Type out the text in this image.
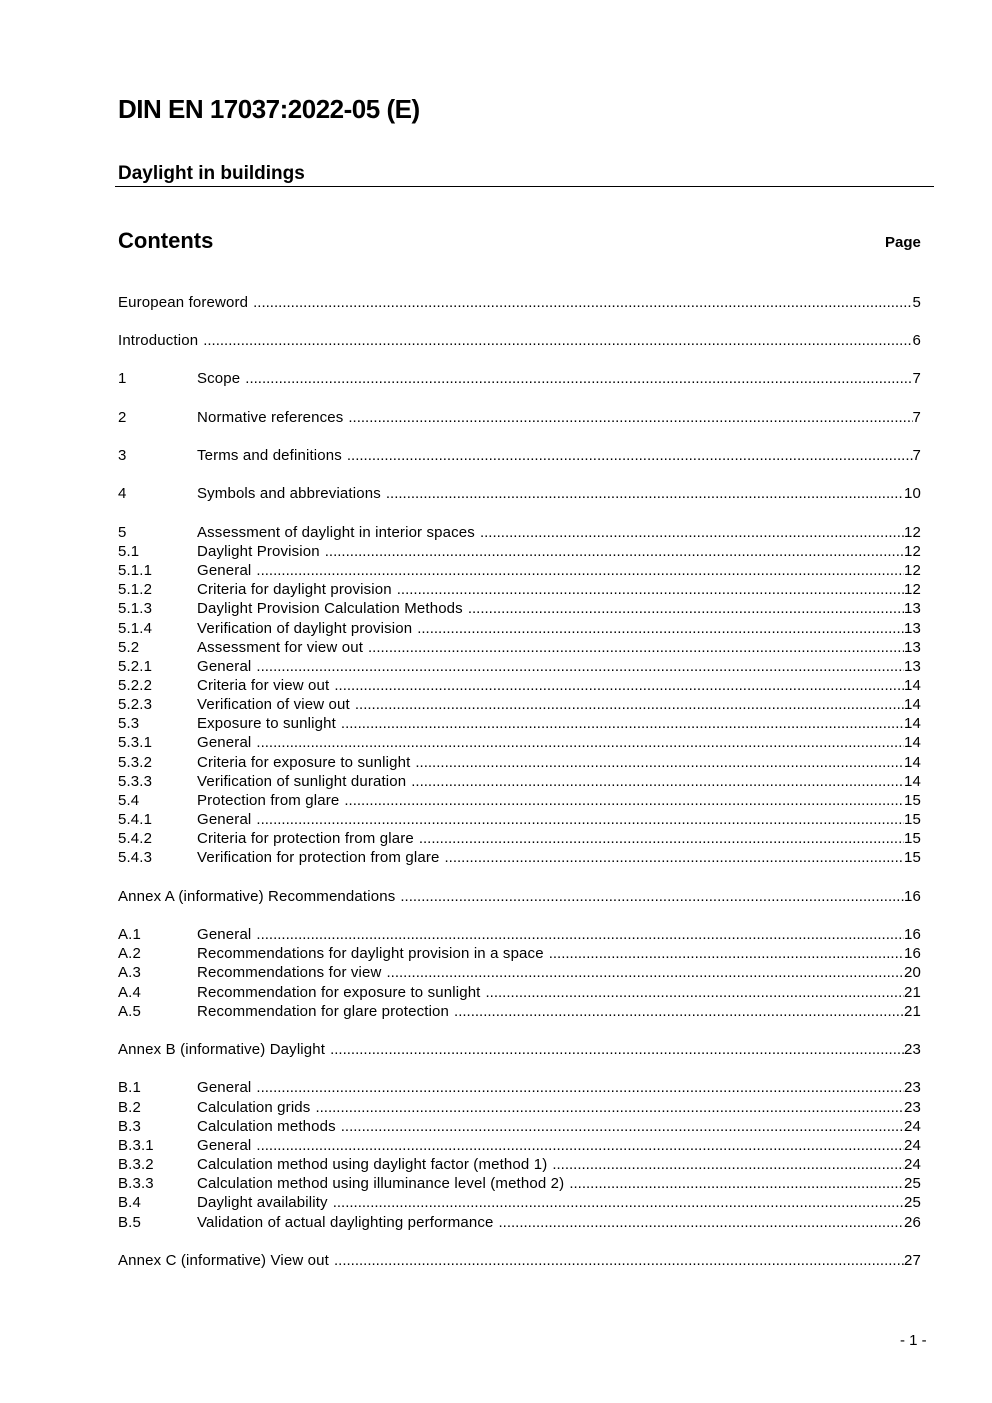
DIN EN 17037:2022-05 (E)
Daylight in buildings
Contents	Page
European foreword .....	5
Introduction .....	6
1	Scope .....	7
2	Normative references .....	7
3	Terms and definitions .....	7
4	Symbols and abbreviations .....	10
5	Assessment of daylight in interior spaces .....	12
5.1	Daylight Provision .....	12
5.1.1	General .....	12
5.1.2	Criteria for daylight provision .....	12
5.1.3	Daylight Provision Calculation Methods .....	13
5.1.4	Verification of daylight provision .....	13
5.2	Assessment for view out .....	13
5.2.1	General .....	13
5.2.2	Criteria for view out .....	14
5.2.3	Verification of view out .....	14
5.3	Exposure to sunlight .....	14
5.3.1	General .....	14
5.3.2	Criteria for exposure to sunlight .....	14
5.3.3	Verification of sunlight duration .....	14
5.4	Protection from glare .....	15
5.4.1	General .....	15
5.4.2	Criteria for protection from glare .....	15
5.4.3	Verification for protection from glare .....	15
Annex A (informative) Recommendations .....	16
A.1	General .....	16
A.2	Recommendations for daylight provision in a space .....	16
A.3	Recommendations for view .....	20
A.4	Recommendation for exposure to sunlight .....	21
A.5	Recommendation for glare protection .....	21
Annex B (informative) Daylight .....	23
B.1	General .....	23
B.2	Calculation grids .....	23
B.3	Calculation methods .....	24
B.3.1	General .....	24
B.3.2	Calculation method using daylight factor (method 1) .....	24
B.3.3	Calculation method using illuminance level (method 2) .....	25
B.4	Daylight availability .....	25
B.5	Validation of actual daylighting performance .....	26
Annex C (informative) View out .....	27
- 1 -
